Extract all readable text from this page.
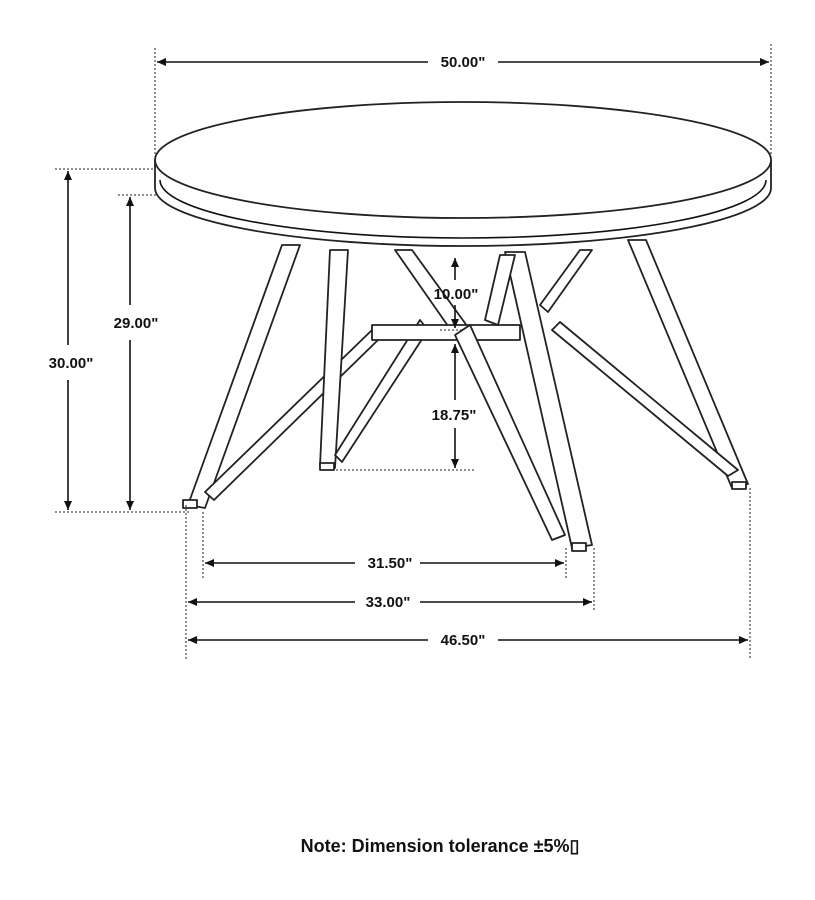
50.00"
30.00"
29.00"
10.00"
18.75"
31.50"
33.00"
46.50"
Note: Dimension tolerance ±5%▯
